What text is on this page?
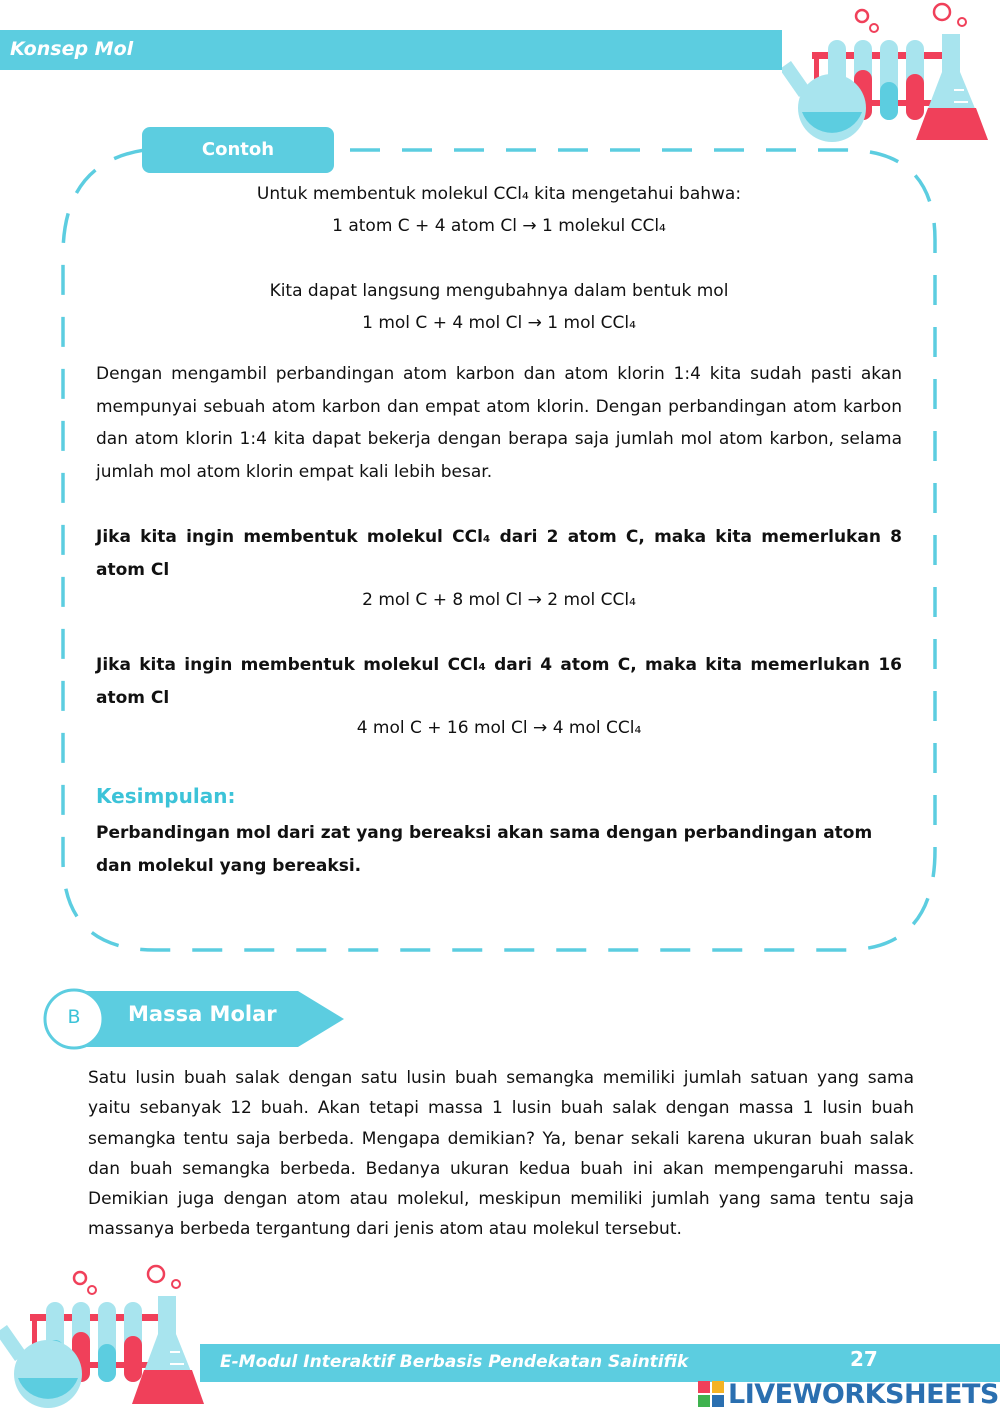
Konsep Mol
Contoh
Untuk membentuk molekul CCl₄ kita mengetahui bahwa:
1 atom C + 4 atom Cl → 1 molekul CCl₄
Kita dapat langsung mengubahnya dalam bentuk mol
1 mol C + 4 mol Cl → 1 mol CCl₄

Dengan mengambil perbandingan atom karbon dan atom klorin 1:4 kita sudah pasti akan mempunyai sebuah atom karbon dan empat atom klorin. Dengan perbandingan atom karbon dan atom klorin 1:4 kita dapat bekerja dengan berapa saja jumlah mol atom karbon, selama jumlah mol atom klorin empat kali lebih besar.

Jika kita ingin membentuk molekul CCl₄ dari 2 atom C, maka kita memerlukan 8 atom Cl

2 mol C + 8 mol Cl → 2 mol CCl₄

Jika kita ingin membentuk molekul CCl₄ dari 4 atom C, maka kita memerlukan 16 atom Cl

4 mol C + 16 mol Cl → 4 mol CCl₄
Kesimpulan:

Perbandingan mol dari zat yang bereaksi akan sama dengan perbandingan atom dan molekul yang bereaksi.

B Massa Molar

Satu lusin buah salak dengan satu lusin buah semangka memiliki jumlah satuan yang sama yaitu sebanyak 12 buah. Akan tetapi massa 1 lusin buah salak dengan massa 1 lusin buah semangka tentu saja berbeda. Mengapa demikian? Ya, benar sekali karena ukuran buah salak dan buah semangka berbeda. Bedanya ukuran kedua buah ini akan mempengaruhi massa. Demikian juga dengan atom atau molekul, meskipun memiliki jumlah yang sama tentu saja massanya berbeda tergantung dari jenis atom atau molekul tersebut.

E-Modul Interaktif Berbasis Pendekatan Saintifik	27
LIVEWORKSHEETS
